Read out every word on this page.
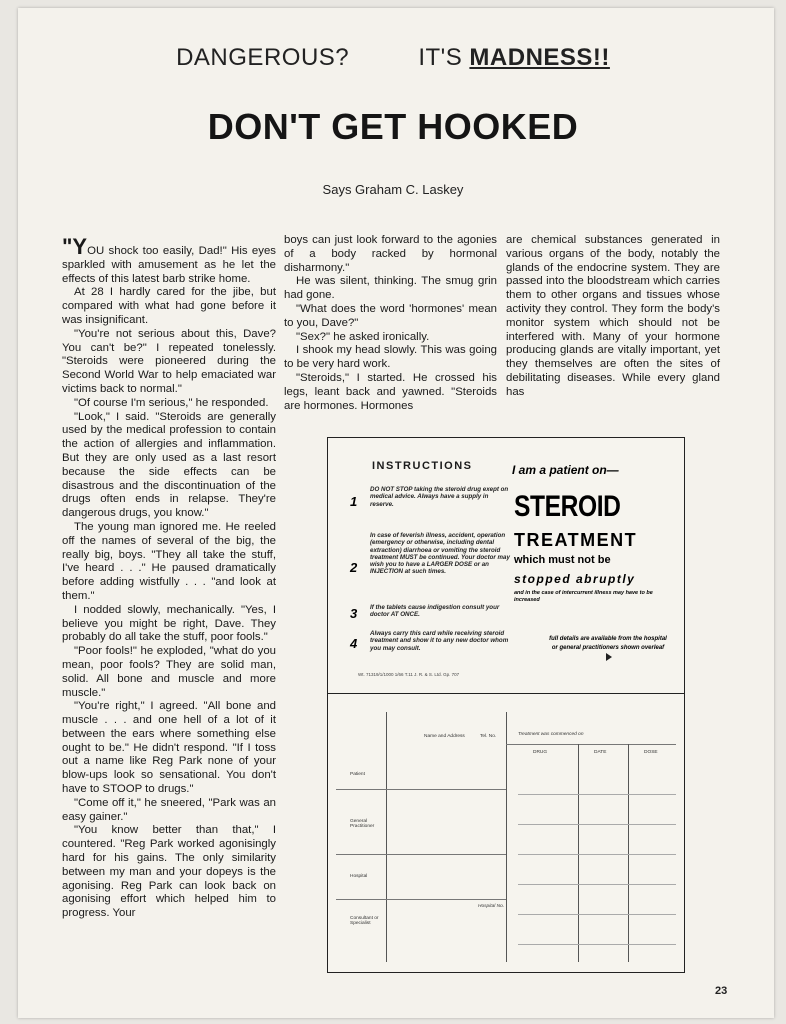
DANGEROUS?	IT'S MADNESS!!
DON'T GET HOOKED
Says Graham C. Laskey

"YOU shock too easily, Dad!" His eyes sparkled with amusement as he let the effects of this latest barb strike home.

At 28 I hardly cared for the jibe, but compared with what had gone before it was insignificant.

"You're not serious about this, Dave? You can't be?" I repeated tonelessly. "Steroids were pioneered during the Second World War to help emaciated war victims back to normal."

"Of course I'm serious," he responded.

"Look," I said. "Steroids are generally used by the medical profession to contain the action of allergies and inflammation. But they are only used as a last resort because the side effects can be disastrous and the discontinuation of the drugs often ends in relapse. They're dangerous drugs, you know."

The young man ignored me. He reeled off the names of several of the big, the really big, boys. "They all take the stuff, I've heard . . ." He paused dramatically before adding wistfully . . . "and look at them."

I nodded slowly, mechanically. "Yes, I believe you might be right, Dave. They probably do all take the stuff, poor fools."

"Poor fools!" he exploded, "what do you mean, poor fools? They are solid man, solid. All bone and muscle and more muscle."

"You're right," I agreed. "All bone and muscle . . . and one hell of a lot of it between the ears where something else ought to be." He didn't respond. "If I toss out a name like Reg Park none of your blow-ups look so sensational. You don't have to STOOP to drugs."

"Come off it," he sneered, "Park was an easy gainer."

"You know better than that," I countered. "Reg Park worked agonisingly hard for his gains. The only similarity between my man and your dopeys is the agonising. Reg Park can look back on agonising effort which helped him to progress. Your

boys can just look forward to the agonies of a body racked by hormonal disharmony."

He was silent, thinking. The smug grin had gone.

"What does the word 'hormones' mean to you, Dave?"

"Sex?" he asked ironically.

I shook my head slowly. This was going to be very hard work.

"Steroids," I started. He crossed his legs, leant back and yawned. "Steroids are hormones. Hormones

are chemical substances generated in various organs of the body, notably the glands of the endocrine system. They are passed into the bloodstream which carries them to other organs and tissues whose activity they control. They form the body's monitor system which should not be interfered with. Many of your hormone producing glands are vitally important, yet they themselves are often the sites of debilitating diseases. While every gland has

INSTRUCTIONS
1
DO NOT STOP taking the steroid drug exept on medical advice. Always have a supply in reserve.
2
In case of feverish illness, accident, operation (emergency or otherwise, including dental extraction) diarrhoea or vomiting the steroid treatment MUST be continued. Your doctor may wish you to have a LARGER DOSE or an INJECTION at such times.
3 If the tablets cause indigestion consult your doctor AT ONCE.
4
Always carry this card while receiving steroid treatment and show it to any new doctor whom you may consult.
Wt. 71319/1/1000 1/66 T.11 J. R. & S. Ltd. Gp. 707
I am a patient on—
STEROID
TREATMENT
which must not be
stopped abruptly
and in the case of intercurrent illness may have to be increased
full details are available from the hospital or general practitioners shown overleaf
Name and Address	Tel. No.	Treatment was commenced on
DRUG	DATE	DOSE
Patient
General Practitioner
Hospital
Consultant or Specialist
Hospital No.
23
